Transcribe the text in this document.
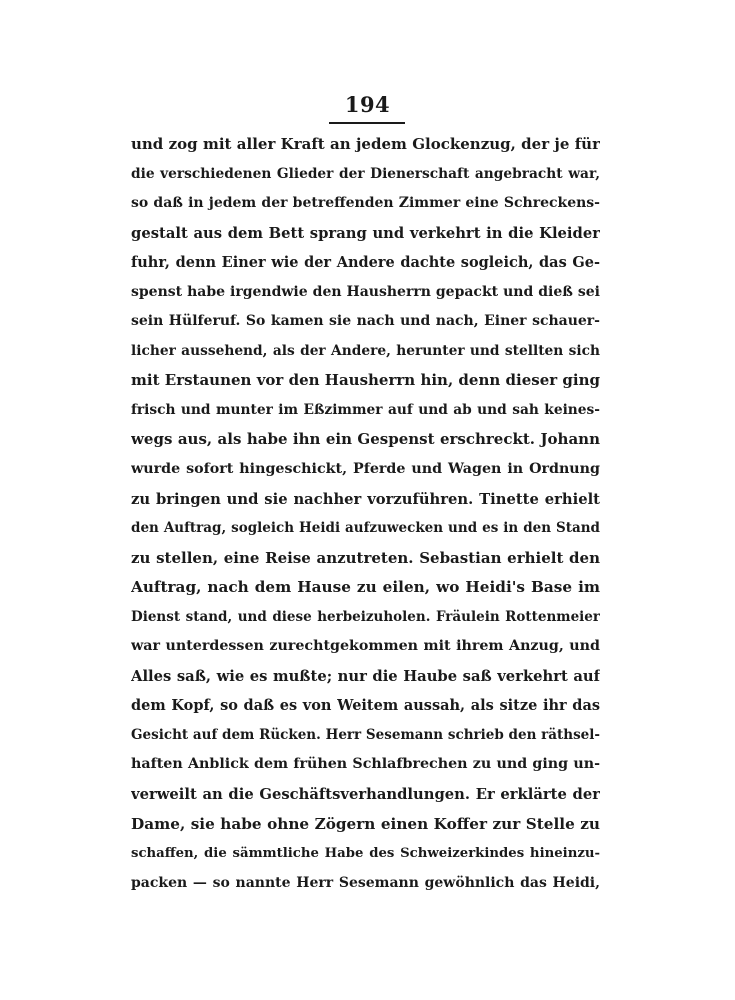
194
und zog mit aller Kraft an jedem Glockenzug, der je für
die verschiedenen Glieder der Dienerschaft angebracht war,
so daß in jedem der betreffenden Zimmer eine Schreckens-
gestalt aus dem Bett sprang und verkehrt in die Kleider
fuhr, denn Einer wie der Andere dachte sogleich, das Ge-
spenst habe irgendwie den Hausherrn gepackt und dieß sei
sein Hülferuf. So kamen sie nach und nach, Einer schauer-
licher aussehend, als der Andere, herunter und stellten sich
mit Erstaunen vor den Hausherrn hin, denn dieser ging
frisch und munter im Eßzimmer auf und ab und sah keines-
wegs aus, als habe ihn ein Gespenst erschreckt. Johann
wurde sofort hingeschickt, Pferde und Wagen in Ordnung
zu bringen und sie nachher vorzuführen. Tinette erhielt
den Auftrag, sogleich Heidi aufzuwecken und es in den Stand
zu stellen, eine Reise anzutreten. Sebastian erhielt den
Auftrag, nach dem Hause zu eilen, wo Heidi's Base im
Dienst stand, und diese herbeizuholen. Fräulein Rottenmeier
war unterdessen zurechtgekommen mit ihrem Anzug, und
Alles saß, wie es mußte; nur die Haube saß verkehrt auf
dem Kopf, so daß es von Weitem aussah, als sitze ihr das
Gesicht auf dem Rücken. Herr Sesemann schrieb den räthsel-
haften Anblick dem frühen Schlafbrechen zu und ging un-
verweilt an die Geschäftsverhandlungen. Er erklärte der
Dame, sie habe ohne Zögern einen Koffer zur Stelle zu
schaffen, die sämmtliche Habe des Schweizerkindes hineinzu-
packen — so nannte Herr Sesemann gewöhnlich das Heidi,
